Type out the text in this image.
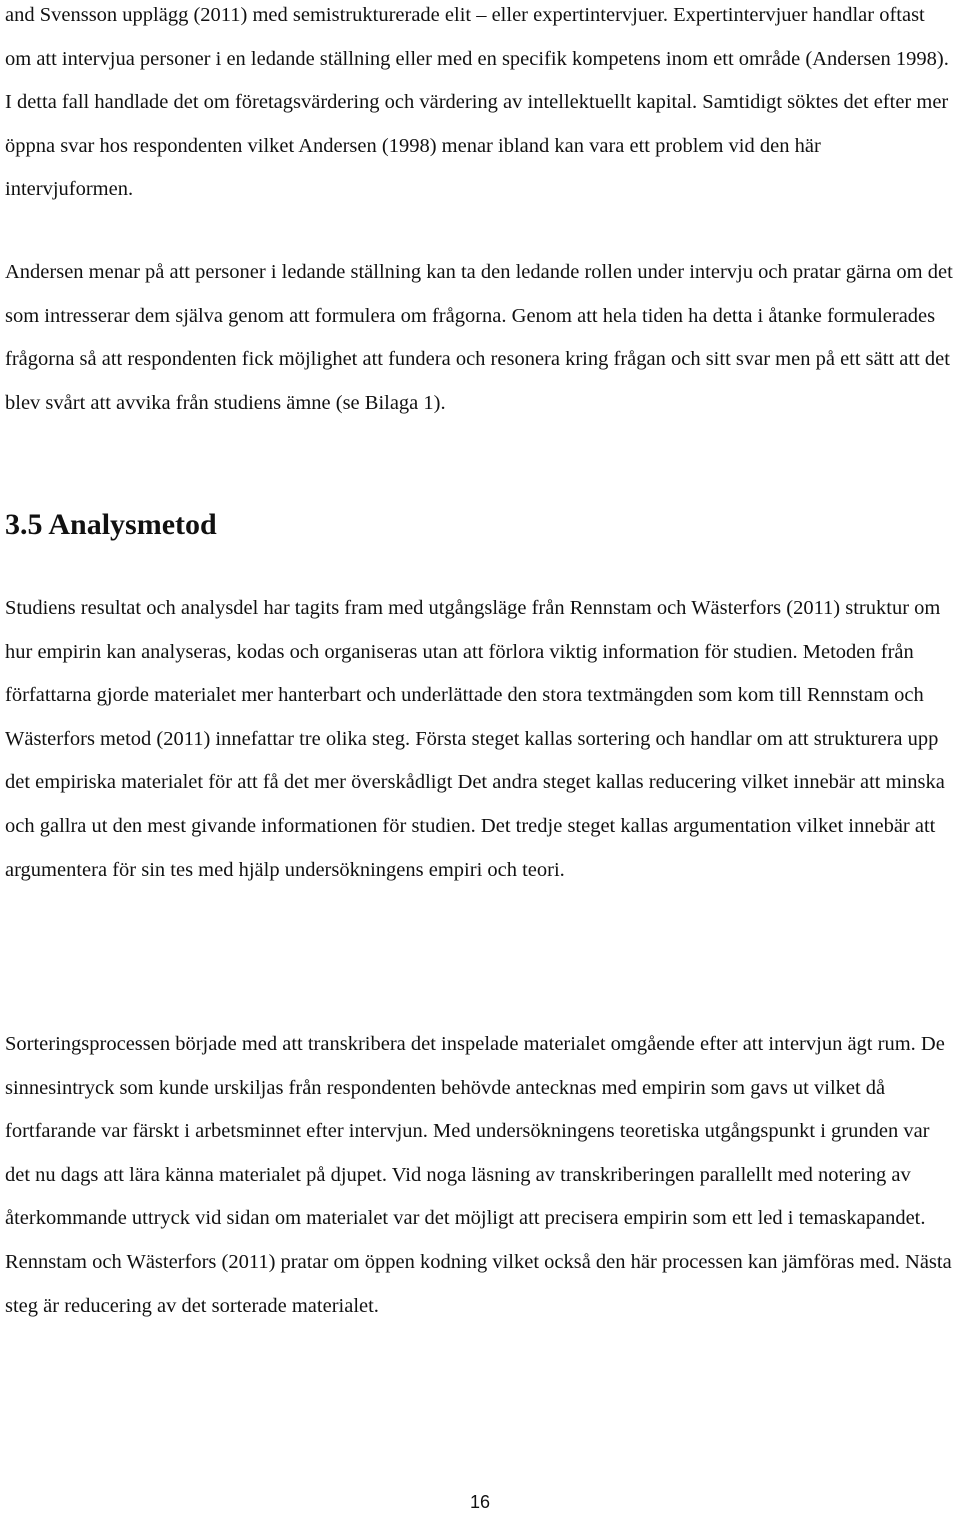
and Svensson upplägg (2011) med semistrukturerade elit – eller expertintervjuer. Expertintervjuer handlar oftast om att intervjua personer i en ledande ställning eller med en specifik kompetens inom ett område (Andersen 1998). I detta fall handlade det om företagsvärdering och värdering av intellektuellt kapital. Samtidigt söktes det efter mer öppna svar hos respondenten vilket Andersen (1998) menar ibland kan vara ett problem vid den här intervjuformen.

Andersen menar på att personer i ledande ställning kan ta den ledande rollen under intervju och pratar gärna om det som intresserar dem själva genom att formulera om frågorna. Genom att hela tiden ha detta i åtanke formulerades frågorna så att respondenten fick möjlighet att fundera och resonera kring frågan och sitt svar men på ett sätt att det blev svårt att avvika från studiens ämne (se Bilaga 1).

3.5 Analysmetod

Studiens resultat och analysdel har tagits fram med utgångsläge från Rennstam och Wästerfors (2011) struktur om hur empirin kan analyseras, kodas och organiseras utan att förlora viktig information för studien. Metoden från författarna gjorde materialet mer hanterbart och underlättade den stora textmängden som kom till Rennstam och Wästerfors metod (2011) innefattar tre olika steg. Första steget kallas sortering och handlar om att strukturera upp det empiriska materialet för att få det mer överskådligt Det andra steget kallas reducering vilket innebär att minska och gallra ut den mest givande informationen för studien. Det tredje steget kallas argumentation vilket innebär att argumentera för sin tes med hjälp undersökningens empiri och teori.

Sorteringsprocessen började med att transkribera det inspelade materialet omgående efter att intervjun ägt rum. De sinnesintryck som kunde urskiljas från respondenten behövde antecknas med empirin som gavs ut vilket då fortfarande var färskt i arbetsminnet efter intervjun. Med undersökningens teoretiska utgångspunkt i grunden var det nu dags att lära känna materialet på djupet. Vid noga läsning av transkriberingen parallellt med notering av återkommande uttryck vid sidan om materialet var det möjligt att precisera empirin som ett led i temaskapandet. Rennstam och Wästerfors (2011) pratar om öppen kodning vilket också den här processen kan jämföras med. Nästa steg är reducering av det sorterade materialet.

16
